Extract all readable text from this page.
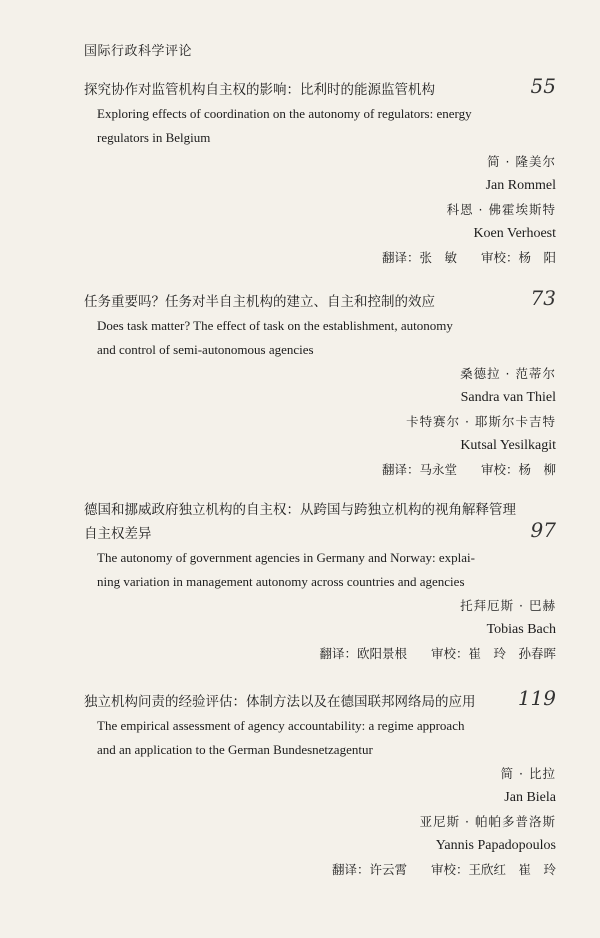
国际行政科学评论
探究协作对监管机构自主权的影响：比利时的能源监管机构	55
Exploring effects of coordination on the autonomy of regulators: energy
regulators in Belgium
简 · 隆美尔
Jan Rommel
科恩 · 佛霍埃斯特
Koen Verhoest
翻译：张　敏 审校：杨　阳
任务重要吗？任务对半自主机构的建立、自主和控制的效应	73
Does task matter? The effect of task on the establishment, autonomy
and control of semi-autonomous agencies
桑德拉 · 范蒂尔
Sandra van Thiel
卡特赛尔 · 耶斯尔卡吉特
Kutsal Yesilkagit
翻译：马永堂 审校：杨　柳
德国和挪威政府独立机构的自主权：从跨国与跨独立机构的视角解释管理
自主权差异	97
The autonomy of government agencies in Germany and Norway: explai-
ning variation in management autonomy across countries and agencies
托拜厄斯 · 巴赫
Tobias Bach
翻译：欧阳景根 审校：崔　玲　孙春晖
独立机构问责的经验评估：体制方法以及在德国联邦网络局的应用	119
The empirical assessment of agency accountability: a regime approach
and an application to the German Bundesnetzagentur
简 · 比拉
Jan Biela
亚尼斯 · 帕帕多普洛斯
Yannis Papadopoulos
翻译：许云霄 审校：王欣红　崔　玲
